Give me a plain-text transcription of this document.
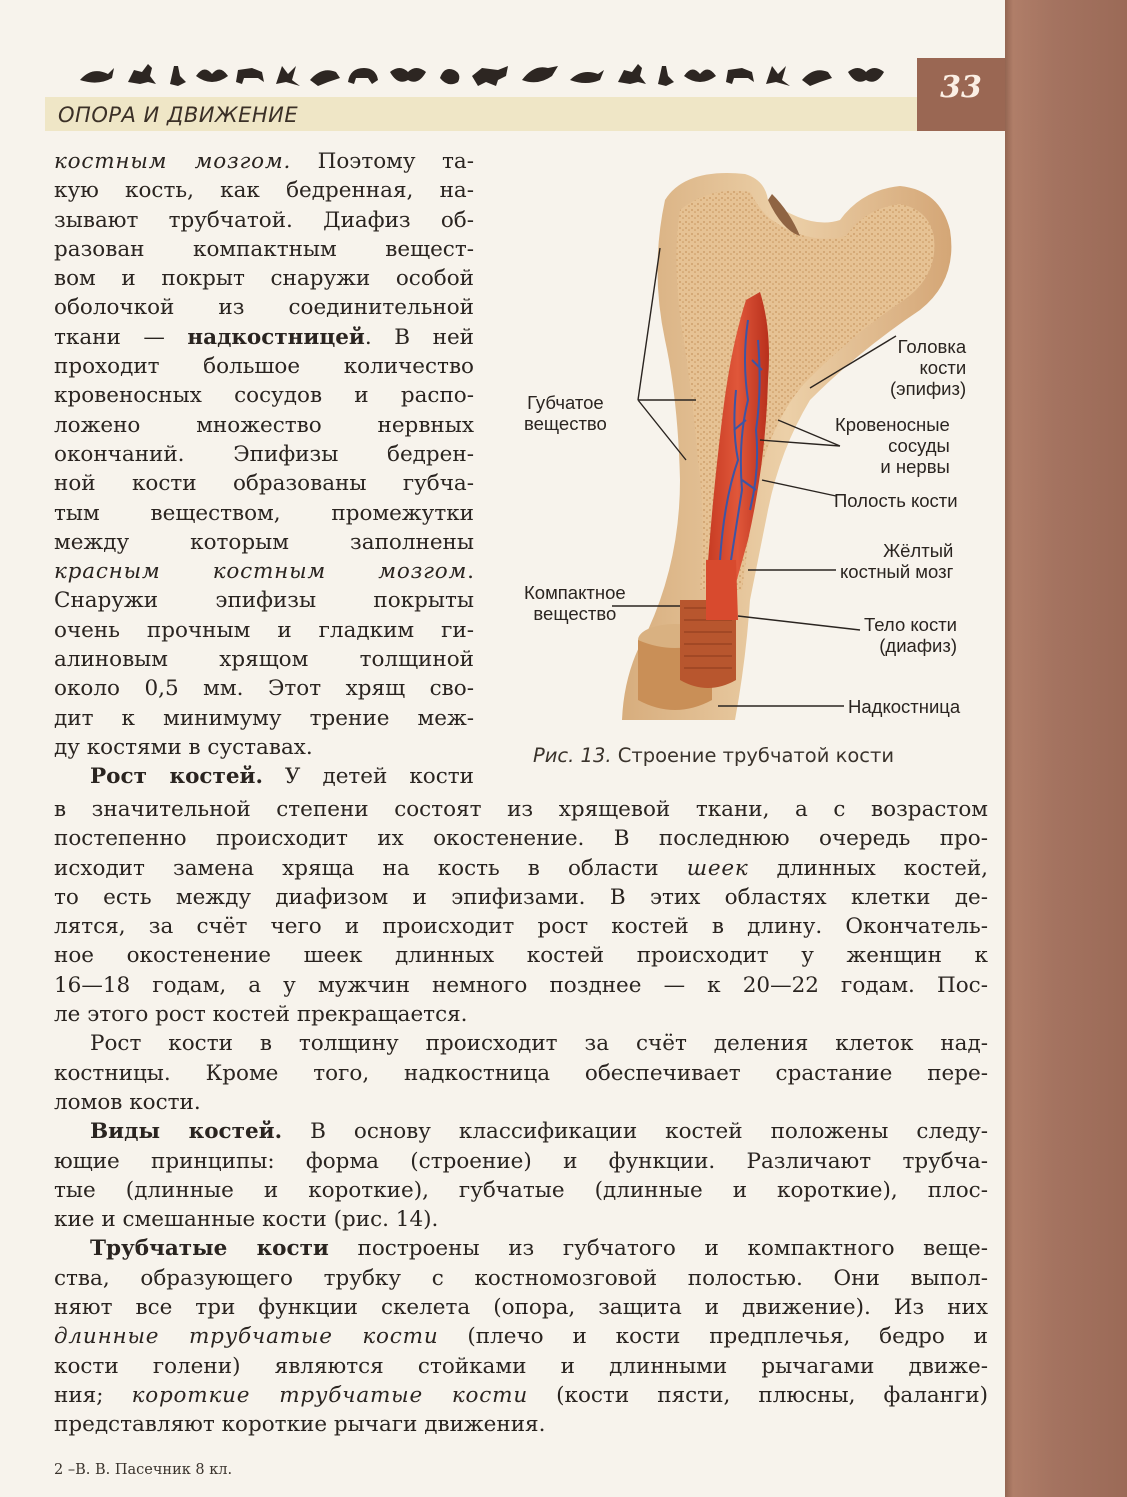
ОПОРА И ДВИЖЕНИЕ
33
костным мозгом. Поэтому та-
кую кость, как бедренная, на-
зывают трубчатой. Диафиз об-
разован компактным вещест-
вом и покрыт снаружи особой
оболочкой из соединительной
ткани — надкостницей. В ней
проходит большое количество
кровеносных сосудов и распо-
ложено множество нервных
окончаний. Эпифизы бедрен-
ной кости образованы губча-
тым веществом, промежутки
между которым заполнены
красным костным мозгом.
Снаружи эпифизы покрыты
очень прочным и гладким ги-
алиновым хрящом толщиной
около 0,5 мм. Этот хрящ сво-
дит к минимуму трение меж-
ду костями в суставах.
Рост костей. У детей кости
в значительной степени состоят из хрящевой ткани, а с возрастом
постепенно происходит их окостенение. В последнюю очередь про-
исходит замена хряща на кость в области шеек длинных костей,
то есть между диафизом и эпифизами. В этих областях клетки де-
лятся, за счёт чего и происходит рост костей в длину. Окончатель-
ное окостенение шеек длинных костей происходит у женщин к
16—18 годам, а у мужчин немного позднее — к 20—22 годам. Пос-
ле этого рост костей прекращается.
Рост кости в толщину происходит за счёт деления клеток над-
костницы. Кроме того, надкостница обеспечивает срастание пере-
ломов кости.
Виды костей. В основу классификации костей положены следу-
ющие принципы: форма (строение) и функции. Различают трубча-
тые (длинные и короткие), губчатые (длинные и короткие), плос-
кие и смешанные кости (рис. 14).
Трубчатые кости построены из губчатого и компактного веще-
ства, образующего трубку с костномозговой полостью. Они выпол-
няют все три функции скелета (опора, защита и движение). Из них
длинные трубчатые кости (плечо и кости предплечья, бедро и
кости голени) являются стойками и длинными рычагами движе-
ния; короткие трубчатые кости (кости пясти, плюсны, фаланги)
представляют короткие рычаги движения.
Головка
кости
(эпифиз)
Губчатое
вещество	Кровеносные
сосуды
и нервы
Полость кости
Жёлтый
костный мозг
Компактное
вещество
Тело кости
(диафиз)
Надкостница
Рис. 13. Строение трубчатой кости
2 –В. В. Пасечник 8 кл.
